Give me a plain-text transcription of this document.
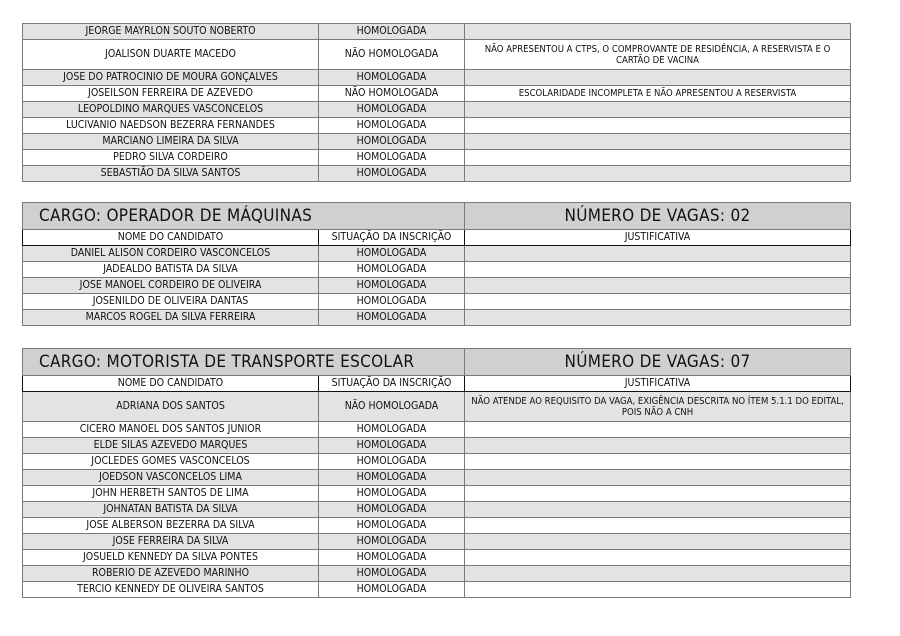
JEORGE MAYRLON SOUTO NOBERTO	HOMOLOGADA	
JOALISON DUARTE MACEDO	NÃO HOMOLOGADA	NÃO APRESENTOU A CTPS, O COMPROVANTE DE RESIDÊNCIA, A RESERVISTA E O CARTÃO DE VACINA
JOSE DO PATROCINIO DE MOURA GONÇALVES	HOMOLOGADA	
JOSEILSON FERREIRA DE AZEVEDO	NÃO HOMOLOGADA	ESCOLARIDADE INCOMPLETA E NÃO APRESENTOU A RESERVISTA
LEOPOLDINO MARQUES VASCONCELOS	HOMOLOGADA	
LUCIVANIO NAEDSON BEZERRA FERNANDES	HOMOLOGADA	
MARCIANO LIMEIRA DA SILVA	HOMOLOGADA	
PEDRO SILVA CORDEIRO	HOMOLOGADA	
SEBASTIÃO DA SILVA SANTOS	HOMOLOGADA	
CARGO: OPERADOR DE MÁQUINAS		NÚMERO DE VAGAS: 02
NOME DO CANDIDATO	SITUAÇÃO DA INSCRIÇÃO	JUSTIFICATIVA
DANIEL ALISON CORDEIRO VASCONCELOS	HOMOLOGADA	
JADEALDO BATISTA DA SILVA	HOMOLOGADA	
JOSE MANOEL CORDEIRO DE OLIVEIRA	HOMOLOGADA	
JOSENILDO DE OLIVEIRA DANTAS	HOMOLOGADA	
MARCOS ROGEL DA SILVA FERREIRA	HOMOLOGADA	
CARGO: MOTORISTA DE TRANSPORTE ESCOLAR		NÚMERO DE VAGAS: 07
NOME DO CANDIDATO	SITUAÇÃO DA INSCRIÇÃO	JUSTIFICATIVA
ADRIANA DOS SANTOS	NÃO HOMOLOGADA	NÃO ATENDE AO REQUISITO DA VAGA, EXIGÊNCIA DESCRITA NO ÍTEM 5.1.1 DO EDITAL, POIS NÃO A CNH
CICERO MANOEL DOS SANTOS JUNIOR	HOMOLOGADA	
ELDE SILAS AZEVEDO MARQUES	HOMOLOGADA	
JOCLEDES GOMES VASCONCELOS	HOMOLOGADA	
JOEDSON VASCONCELOS LIMA	HOMOLOGADA	
JOHN HERBETH SANTOS DE LIMA	HOMOLOGADA	
JOHNATAN BATISTA DA SILVA	HOMOLOGADA	
JOSE ALBERSON BEZERRA DA SILVA	HOMOLOGADA	
JOSE FERREIRA DA SILVA	HOMOLOGADA	
JOSUELD KENNEDY DA SILVA PONTES	HOMOLOGADA	
ROBERIO DE AZEVEDO MARINHO	HOMOLOGADA	
TERCIO KENNEDY DE OLIVEIRA SANTOS	HOMOLOGADA	
